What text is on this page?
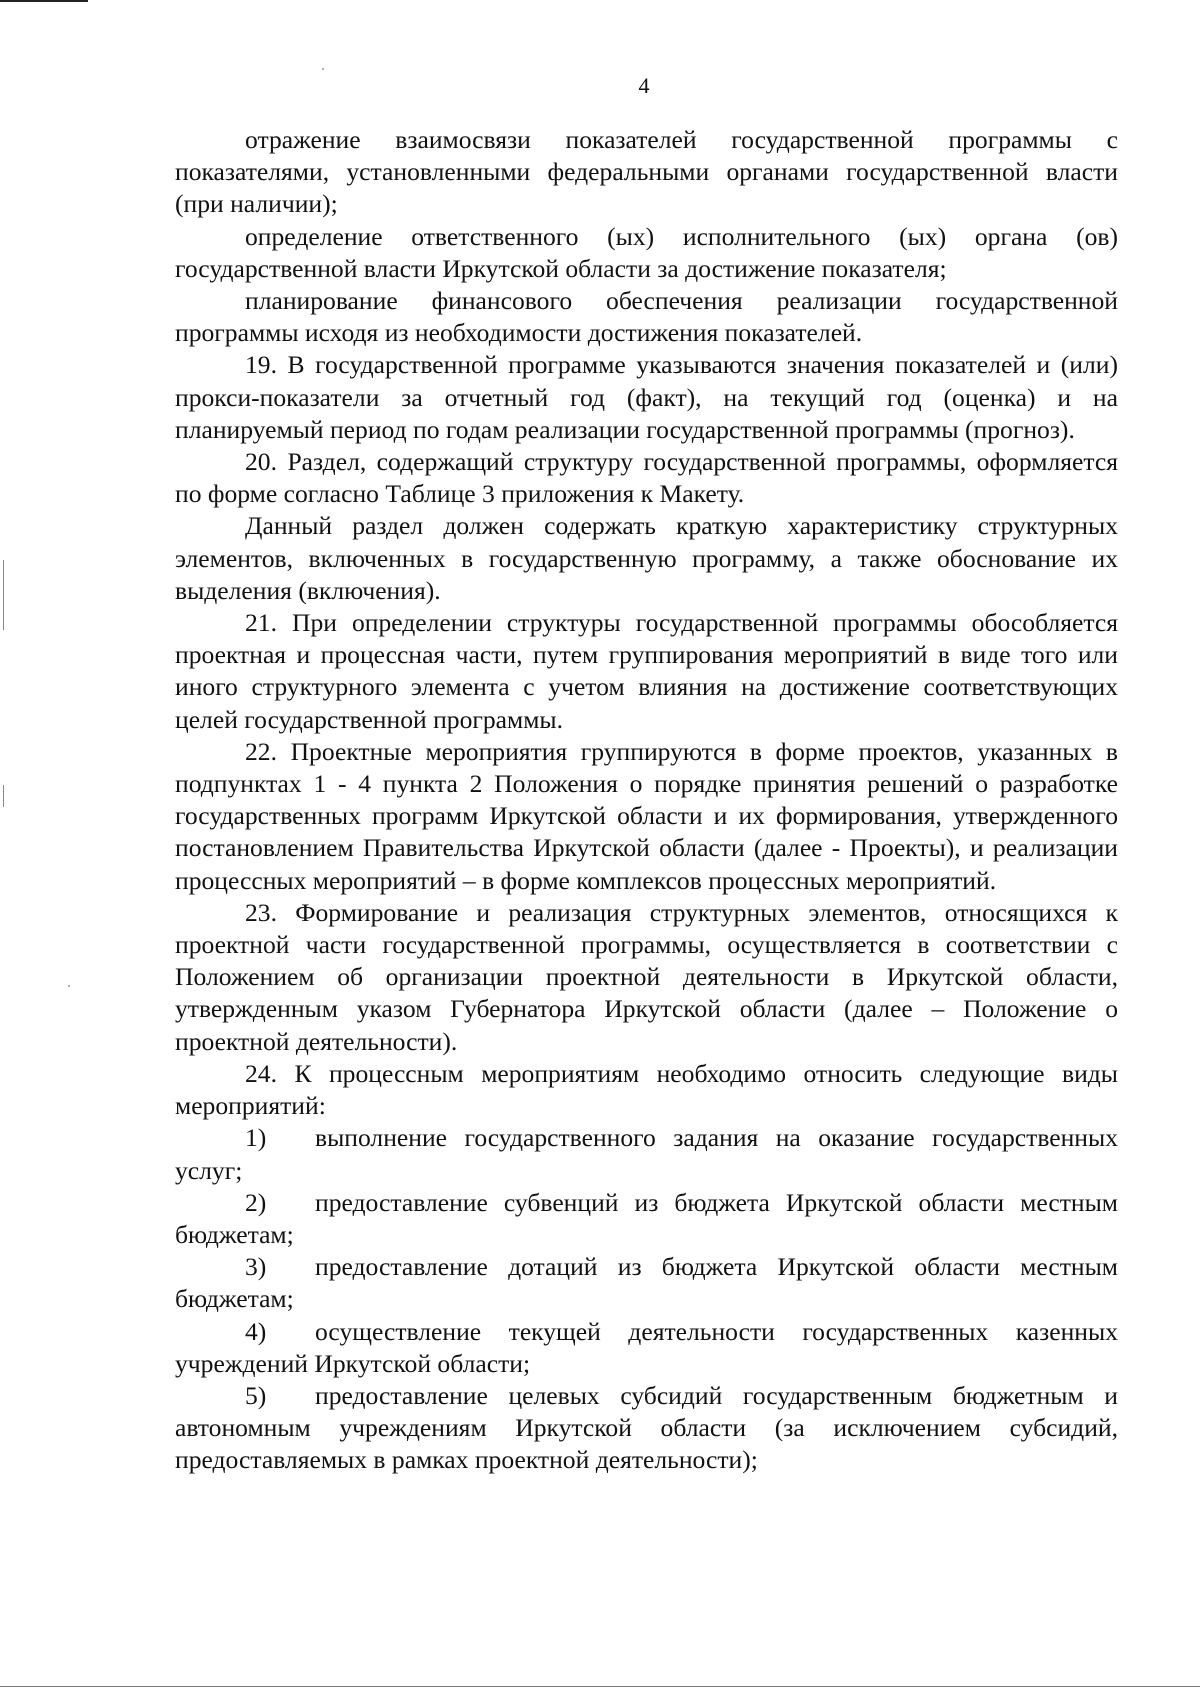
4

отражение взаимосвязи показателей государственной программы с показателями, установленными федеральными органами государственной власти (при наличии);

определение ответственного (ых) исполнительного (ых) органа (ов) государственной власти Иркутской области за достижение показателя;

планирование финансового обеспечения реализации государственной программы исходя из необходимости достижения показателей.

19. В государственной программе указываются значения показателей и (или) прокси-показатели за отчетный год (факт), на текущий год (оценка) и на планируемый период по годам реализации государственной программы (прогноз).

20. Раздел, содержащий структуру государственной программы, оформляется по форме согласно Таблице 3 приложения к Макету.

Данный раздел должен содержать краткую характеристику структурных элементов, включенных в государственную программу, а также обоснование их выделения (включения).

21. При определении структуры государственной программы обособляется проектная и процессная части, путем группирования мероприятий в виде того или иного структурного элемента с учетом влияния на достижение соответствующих целей государственной программы.

22. Проектные мероприятия группируются в форме проектов, указанных в подпунктах 1 - 4 пункта 2 Положения о порядке принятия решений о разработке государственных программ Иркутской области и их формирования, утвержденного постановлением Правительства Иркутской области (далее - Проекты), и реализации процессных мероприятий – в форме комплексов процессных мероприятий.

23. Формирование и реализация структурных элементов, относящихся к проектной части государственной программы, осуществляется в соответствии с Положением об организации проектной деятельности в Иркутской области, утвержденным указом Губернатора Иркутской области (далее – Положение о проектной деятельности).

24. К процессным мероприятиям необходимо относить следующие виды мероприятий:

1) выполнение государственного задания на оказание государственных услуг;

2) предоставление субвенций из бюджета Иркутской области местным бюджетам;

3) предоставление дотаций из бюджета Иркутской области местным бюджетам;

4) осуществление текущей деятельности государственных казенных учреждений Иркутской области;

5) предоставление целевых субсидий государственным бюджетным и автономным учреждениям Иркутской области (за исключением субсидий, предоставляемых в рамках проектной деятельности);
